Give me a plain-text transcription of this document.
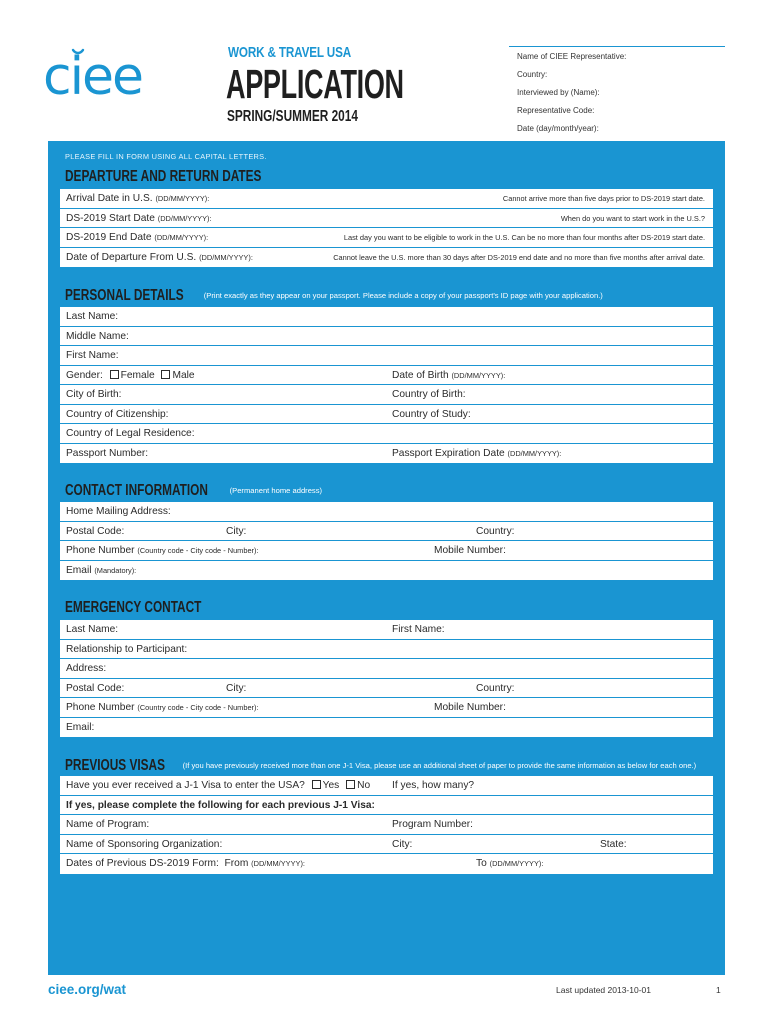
ciee	WORK & TRAVEL USA
APPLICATION
SPRING/SUMMER 2014
Name of CIEE Representative:
Country:
Interviewed by (Name):
Representative Code:
Date (day/month/year):
PLEASE FILL IN FORM USING ALL CAPITAL LETTERS.
DEPARTURE AND RETURN DATES
Arrival Date in U.S. (DD/MM/YYYY):	Cannot arrive more than five days prior to DS-2019 start date.
DS-2019 Start Date (DD/MM/YYYY):	When do you want to start work in the U.S.?
DS-2019 End Date (DD/MM/YYYY):	Last day you want to be eligible to work in the U.S. Can be no more than four months after DS-2019 start date.
Date of Departure From U.S. (DD/MM/YYYY):	Cannot leave the U.S. more than 30 days after DS-2019 end date and no more than five months after arrival date.
PERSONAL DETAILS	$^{(Print exactly as they appear on your passport. Please include a copy of your passport's ID page with your application.)}$
Last Name:
Middle Name:
First Name:
Gender: Female Male	Date of Birth (DD/MM/YYYY):
City of Birth:	Country of Birth:
Country of Citizenship:	Country of Study:
Country of Legal Residence:
Passport Number:	Passport Expiration Date (DD/MM/YYYY):
CONTACT INFORMATION	$^{(Permanent home address)}$
Home Mailing Address:
Postal Code:	City:	Country:
Phone Number (Country code - City code - Number):	Mobile Number:
Email (Mandatory):
EMERGENCY CONTACT
Last Name:	First Name:
Relationship to Participant:
Address:
Postal Code:	City:	Country:
Phone Number (Country code - City code - Number):	Mobile Number:
Email:
PREVIOUS VISAS $^{(If you have previously received more than one J-1 Visa, please use an additional sheet of paper to provide the same information as below for each one.)}$
Have you ever received a J-1 Visa to enter the USA? Yes No If yes, how many?
If yes, please complete the following for each previous J-1 Visa:
Name of Program:	Program Number:
Name of Sponsoring Organization:	City:	State:
Dates of Previous DS-2019 Form: From (DD/MM/YYYY):	To (DD/MM/YYYY):
ciee.org/wat	Last updated 2013-10-01	1
